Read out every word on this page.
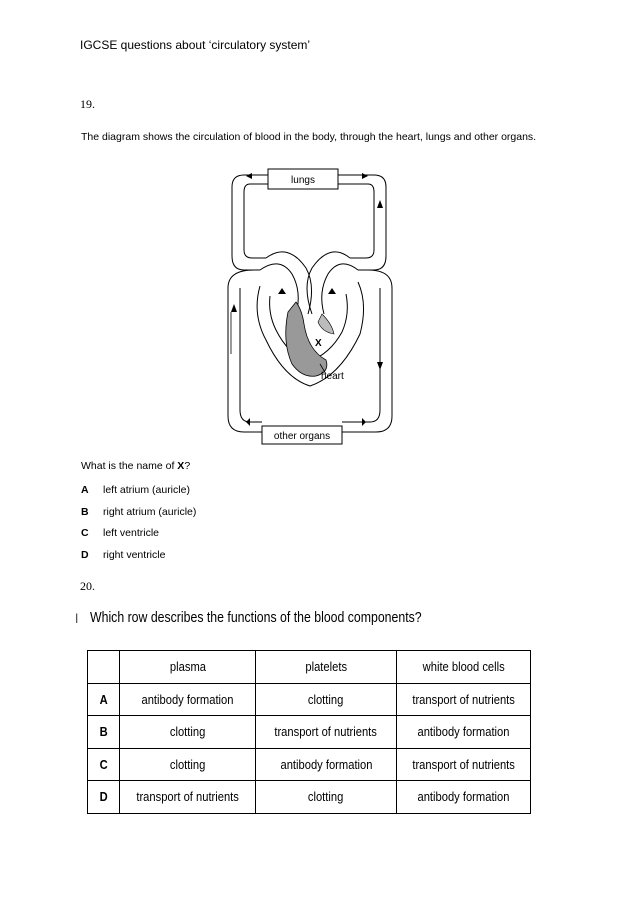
IGCSE questions about ‘circulatory system’
19.
The diagram shows the circulation of blood in the body, through the heart, lungs and other organs.
lungs
X
heart
other organs
What is the name of X?
A left atrium (auricle)
B right atrium (auricle)
C left ventricle
D right ventricle
20.
ǀ Which row describes the functions of the blood components?
	plasma	platelets	white blood cells
A	antibody formation	clotting	transport of nutrients
B	clotting	transport of nutrients	antibody formation
C	clotting	antibody formation	transport of nutrients
D	transport of nutrients	clotting	antibody formation
